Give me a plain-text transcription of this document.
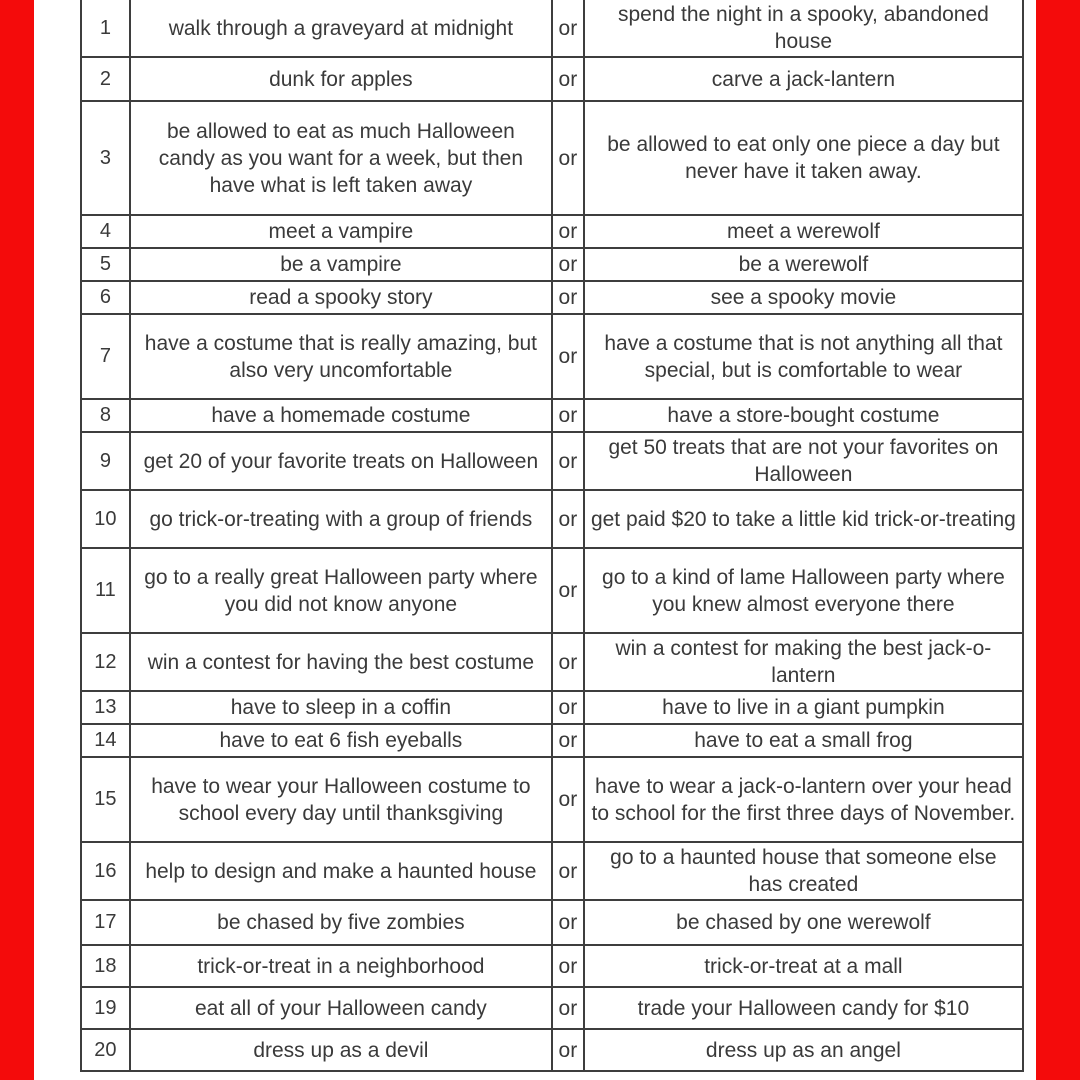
1	walk through a graveyard at midnight	or	spend the night in a spooky, abandoned house
2	dunk for apples	or	carve a jack-lantern
3	be allowed to eat as much Halloween candy as you want for a week, but then have what is left taken away	or	be allowed to eat only one piece a day but never have it taken away.
4	meet a vampire	or	meet a werewolf
5	be a vampire	or	be a werewolf
6	read a spooky story	or	see a spooky movie
7	have a costume that is really amazing, but also very uncomfortable	or	have a costume that is not anything all that special, but is comfortable to wear
8	have a homemade costume	or	have a store-bought costume
9	get 20 of your favorite treats on Halloween	or	get 50 treats that are not your favorites on Halloween
10	go trick-or-treating with a group of friends	or	get paid $20 to take a little kid trick-or-treating
11	go to a really great Halloween party where you did not know anyone	or	go to a kind of lame Halloween party where you knew almost everyone there
12	win a contest for having the best costume	or	win a contest for making the best jack-o-lantern
13	have to sleep in a coffin	or	have to live in a giant pumpkin
14	have to eat 6 fish eyeballs	or	have to eat a small frog
15	have to wear your Halloween costume to school every day until thanksgiving	or	have to wear a jack-o-lantern over your head to school for the first three days of November.
16	help to design and make a haunted house	or	go to a haunted house that someone else has created
17	be chased by five zombies	or	be chased by one werewolf
18	trick-or-treat in a neighborhood	or	trick-or-treat at a mall
19	eat all of your Halloween candy	or	trade your Halloween candy for $10
20	dress up as a devil	or	dress up as an angel
